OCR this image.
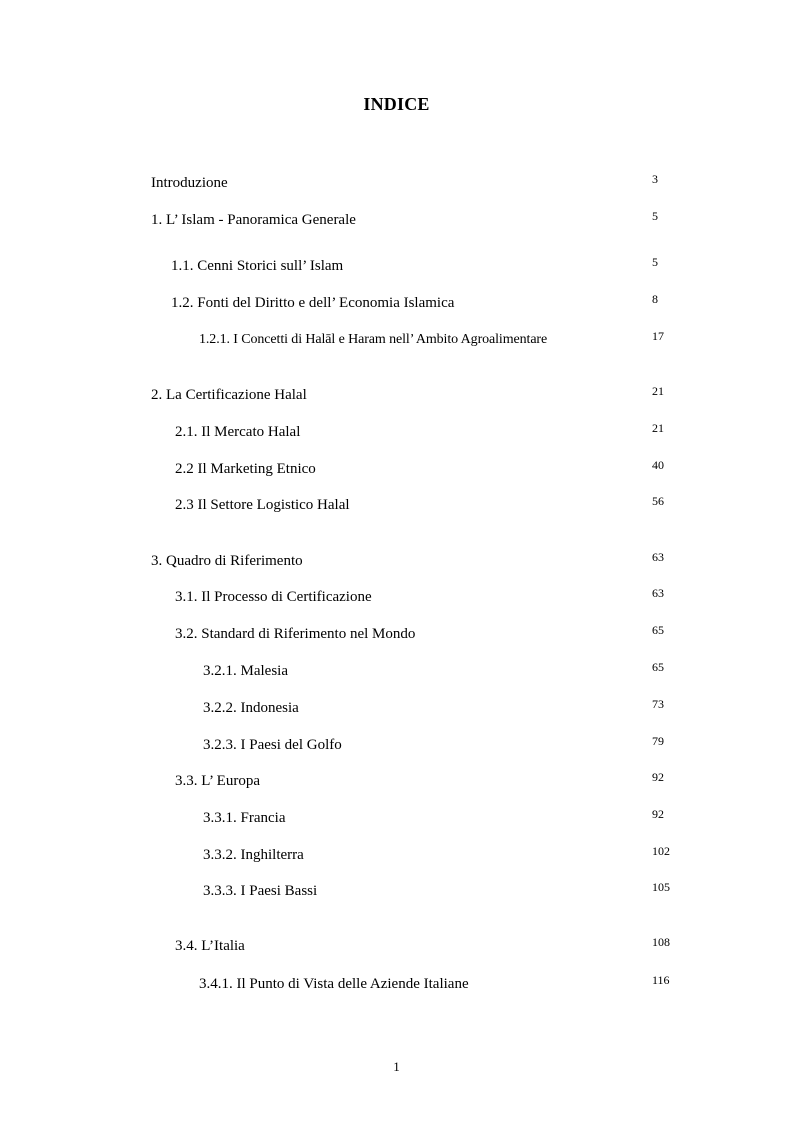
INDICE
Introduzione	3
1. L’ Islam - Panoramica Generale	5
1.1. Cenni Storici sull’ Islam	5
1.2. Fonti del Diritto e dell’ Economia Islamica	8
1.2.1. I Concetti di Halāl e Haram nell’ Ambito Agroalimentare	17
2. La Certificazione Halal	21
2.1. Il Mercato Halal	21
2.2 Il Marketing Etnico	40
2.3 Il Settore Logistico Halal	56
3. Quadro di Riferimento	63
3.1. Il Processo di Certificazione	63
3.2. Standard di Riferimento nel Mondo	65
3.2.1. Malesia	65
3.2.2. Indonesia	73
3.2.3. I Paesi del Golfo	79
3.3. L’ Europa	92
3.3.1. Francia	92
3.3.2. Inghilterra	102
3.3.3. I Paesi Bassi	105
3.4. L’Italia	108
3.4.1. Il Punto di Vista delle Aziende Italiane	116
1
